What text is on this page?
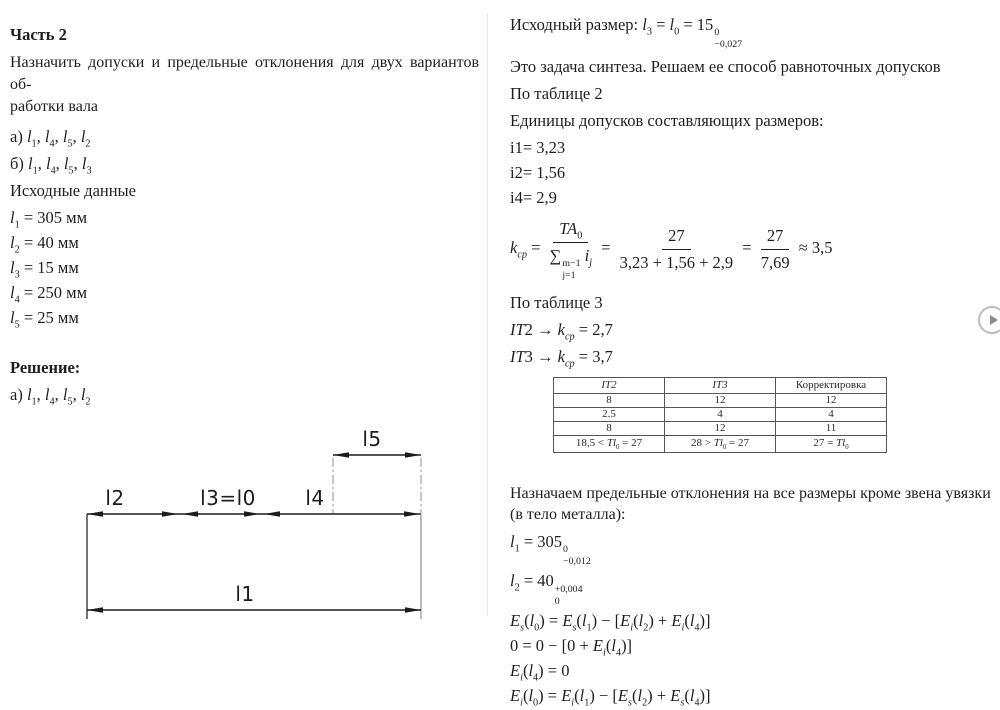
Часть 2
Назначить допуски и предельные отклонения для двух вариантов об-
работки вала
а) $l_1$, $l_4$, $l_5$, $l_2$
б) $l_1$, $l_4$, $l_5$, $l_3$
Исходные данные
$l_1 = 305$ мм
$l_2 = 40$ мм
$l_3 = 15$ мм
$l_4 = 250$ мм
$l_5 = 25$ мм
Решение:
а) $l_1$, $l_4$, $l_5$, $l_2$
l5
l2	l3=l0 l4
l1
Исходный размер: $l_3 = l_0 = 15$ 0
−0,027
Это задача синтеза. Решаем ее способ равноточных допусков
По таблице 2
Единицы допусков составляющих размеров:
i1= 3,23
i2= 1,56
i4= 2,9
$k_{ср} = TA_0$
∑ m−1
j=1
$i_j = \frac{27}{3,23 + 1,56 + 2,9} = \frac{27}{7,69} \approx 3,5$
По таблице 3
$IT2 \to k_{ср} = 2,7$
$IT3 \to k_{ср} = 3,7$
IT2	IT3	Корректировка
8	12	12
2.5	4	4
8	12	11
$18,5 < Tl_0 = 27$	$28 > Tl_0 = 27$	$27 = Tl_0$
Назначаем предельные отклонения на все размеры кроме звена увязки
(в тело металла):
$l_1 = 305$ 0
−0,012
$l_2 = 40 +0,004$
0
$E_s(l_0) = E_s(l_1) - [E_i(l_2) + E_i(l_4)]$
$0 = 0 - [0 + E_i(l_4)]$
$E_i(l_4) = 0$
$E_i(l_0) = E_i(l_1) - [E_s(l_2) + E_s(l_4)]$
